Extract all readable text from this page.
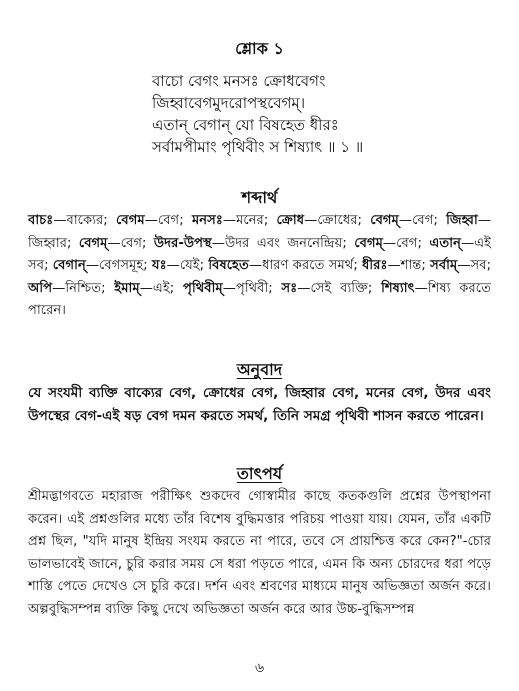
শ্লোক ১
বাচো বেগং মনসঃ ক্রোধবেগং
জিহ্বাবেগমুদরোপস্থবেগম্‌।
এতান্‌ বেগান্‌ যো বিষহেত ধীরঃ
সর্বামপীমাং পৃথিবীং স শিষ্যাৎ ॥ ১ ॥
শব্দার্থ
বাচঃ—বাক্যের; বেগম—বেগ; মনসঃ—মনের; ক্রোধ—ক্রোধের; বেগম্‌—বেগ; জিহ্বা—জিহ্বার; বেগম্‌—বেগ; উদর-উপস্থ—উদর এবং জননেন্দ্রিয়; বেগম্‌—বেগ; এতান্‌—এই সব; বেগান্‌—বেগসমূহ; যঃ—যেই; বিষহেত—ধারণ করতে সমর্থ; ধীরঃ—শান্ত; সর্বাম্‌—সব; অপি—নিশ্চিত; ইমাম্‌—এই; পৃথিবীম্‌—পৃথিবী; সঃ—সেই ব্যক্তি; শিষ্যাৎ—শিষ্য করতে পারেন।
অনুবাদ
যে সংযমী ব্যক্তি বাক্যের বেগ, ক্রোধের বেগ, জিহ্বার বেগ, মনের বেগ, উদর এবং উপস্থের বেগ-এই ষড় বেগ দমন করতে সমর্থ, তিনি সমগ্র পৃথিবী শাসন করতে পারেন।
তাৎপর্য
শ্রীমদ্ভাগবতে মহারাজ পরীক্ষিৎ শুকদেব গোস্বামীর কাছে কতকগুলি প্রশ্নের উপস্থাপনা করেন। এই প্রশ্নগুলির মধ্যে তাঁর বিশেষ বুদ্ধিমত্তার পরিচয় পাওয়া যায়। যেমন, তাঁর একটি প্রশ্ন ছিল, "যদি মানুষ ইন্দ্রিয় সংযম করতে না পারে, তবে সে প্রায়শ্চিত্ত করে কেন?"-চোর ভালভাবেই জানে, চুরি করার সময় সে ধরা পড়তে পারে, এমন কি অন্য চোরদের ধরা পড়ে শাস্তি পেতে দেখেও সে চুরি করে। দর্শন এবং শ্রবণের মাধ্যমে মানুষ অভিজ্ঞতা অর্জন করে। অল্পবুদ্ধিসম্পন্ন ব্যক্তি কিছু দেখে অভিজ্ঞতা অর্জন করে আর উচ্চ-বুদ্ধিসম্পন্ন
৬
